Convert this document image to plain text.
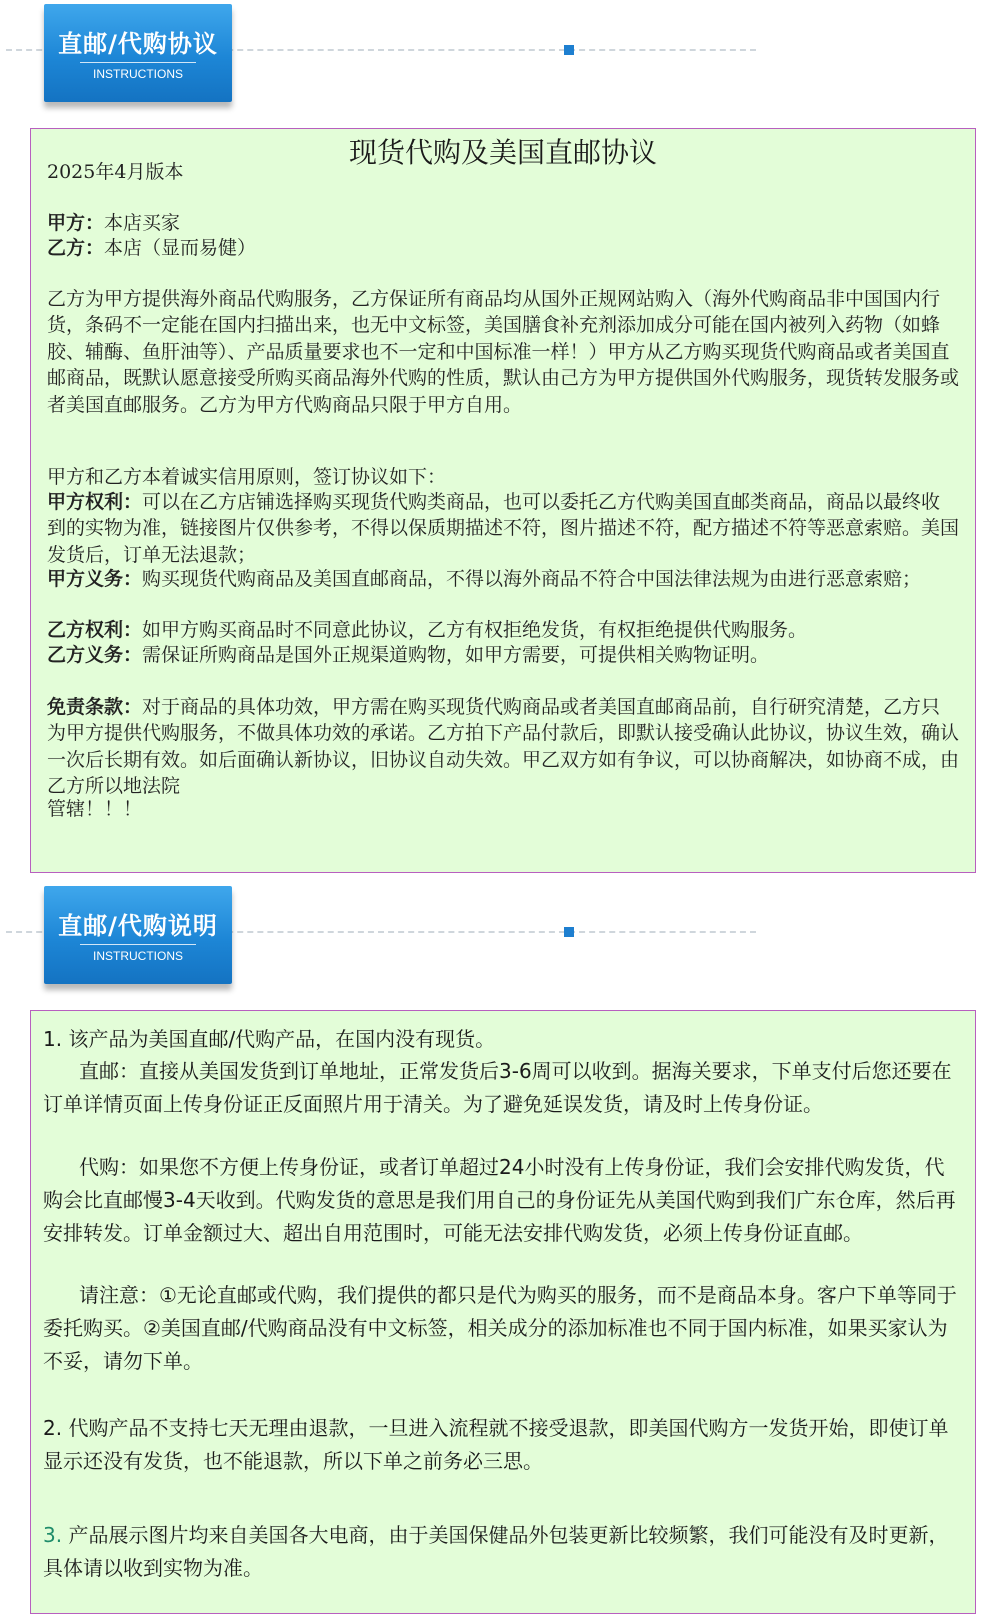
直邮/代购协议
INSTRUCTIONS
现货代购及美国直邮协议

2025年4月版本

甲方：本店买家

乙方：本店（显而易健）

乙方为甲方提供海外商品代购服务，乙方保证所有商品均从国外正规网站购入（海外代购商品非中国国内行货，条码不一定能在国内扫描出来，也无中文标签，美国膳食补充剂添加成分可能在国内被列入药物（如蜂胶、辅酶、鱼肝油等）、产品质量要求也不一定和中国标准一样！）甲方从乙方购买现货代购商品或者美国直邮商品，既默认愿意接受所购买商品海外代购的性质，默认由己方为甲方提供国外代购服务，现货转发服务或者美国直邮服务。乙方为甲方代购商品只限于甲方自用。

甲方和乙方本着诚实信用原则，签订协议如下：

甲方权利：可以在乙方店铺选择购买现货代购类商品，也可以委托乙方代购美国直邮类商品，商品以最终收到的实物为准，链接图片仅供参考，不得以保质期描述不符，图片描述不符，配方描述不符等恶意索赔。美国发货后，订单无法退款；

甲方义务：购买现货代购商品及美国直邮商品，不得以海外商品不符合中国法律法规为由进行恶意索赔；

乙方权利：如甲方购买商品时不同意此协议，乙方有权拒绝发货，有权拒绝提供代购服务。

乙方义务：需保证所购商品是国外正规渠道购物，如甲方需要，可提供相关购物证明。

免责条款：对于商品的具体功效，甲方需在购买现货代购商品或者美国直邮商品前，自行研究清楚，乙方只为甲方提供代购服务，不做具体功效的承诺。乙方拍下产品付款后，即默认接受确认此协议，协议生效，确认一次后长期有效。如后面确认新协议，旧协议自动失效。甲乙双方如有争议，可以协商解决，如协商不成，由乙方所以地法院

管辖！！！

直邮/代购说明
INSTRUCTIONS

1. 该产品为美国直邮/代购产品，在国内没有现货。

直邮：直接从美国发货到订单地址，正常发货后3-6周可以收到。据海关要求，下单支付后您还要在订单详情页面上传身份证正反面照片用于清关。为了避免延误发货，请及时上传身份证。

代购：如果您不方便上传身份证，或者订单超过24小时没有上传身份证，我们会安排代购发货，代购会比直邮慢3-4天收到。代购发货的意思是我们用自己的身份证先从美国代购到我们广东仓库，然后再安排转发。订单金额过大、超出自用范围时，可能无法安排代购发货，必须上传身份证直邮。

请注意：①无论直邮或代购，我们提供的都只是代为购买的服务，而不是商品本身。客户下单等同于委托购买。②美国直邮/代购商品没有中文标签，相关成分的添加标准也不同于国内标准，如果买家认为不妥，请勿下单。

2. 代购产品不支持七天无理由退款，一旦进入流程就不接受退款，即美国代购方一发货开始，即使订单显示还没有发货，也不能退款，所以下单之前务必三思。

3. 产品展示图片均来自美国各大电商，由于美国保健品外包装更新比较频繁，我们可能没有及时更新，具体请以收到实物为准。
